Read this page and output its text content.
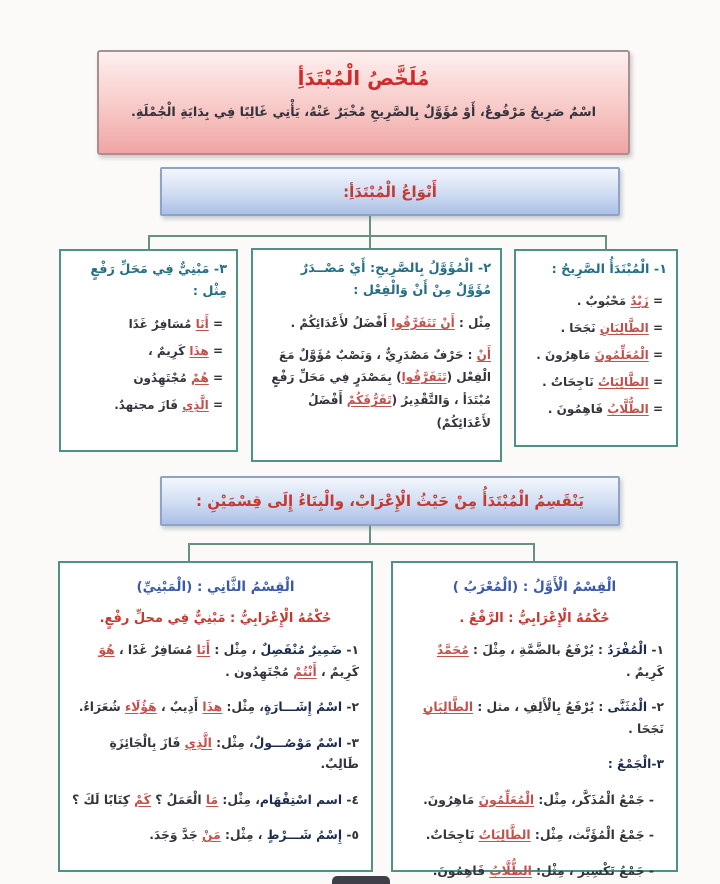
مُلَخَّصُ الْمُبْتَدَأِ
اسْمٌ صَرِيحٌ مَرْفُوعٌ، أَوْ مُؤَوَّلٌ بِالصَّرِيحِ مُخْبَرٌ عَنْهُ، يَأْتِي غَالِبًا فِي بِدَايَةِ الْجُمْلَةِ.
أَنْوَاعُ الْمُبْتَدَأِ:
١- الْمُبْتَدَأُ الصَّرِيحُ :
= زَيْدٌ مَحْبُوبٌ .
= الطَّالِبَانِ نَجَحَا .
= الْمُعَلِّمُونَ مَاهِرُونَ .
= الطَّالِبَاتُ نَاجِحَاتٌ .
= الطُّلَّابُ فَاهِمُونَ .
٢- الْمُؤَوَّلُ بِالصَّرِيحِ: أَيْ مَصْــدَرٌ مُؤَوَّلٌ مِنْ أَنْ وَالْفِعْل :
مِثْل : أَنْ تَتَفَرَّقُوا أَفْضَلُ لأَعْدَائِكُمْ .
أَنْ : حَرْفٌ مَصْدَرِيٌّ ، وَنَصْبٌ مُؤَوَّلٌ مَعَ الْفِعْل (تَتَفَرَّقُوا) بِمَصْدَرٍ فِي مَحَلِّ رَفْعٍ مُبْتَدَأ ، وَالتَّقْدِيرُ (تَفَرُّقَكُمْ أَفْضَلُ لأَعْدَائِكُمْ)
٣- مَبْنِيٌّ فِي مَحَلِّ رَفْعٍ مِثْل :
= أَنَا مُسَافِرٌ غَدًا
= هذَا كَرِيمٌ ،
= هُمْ مُجْتَهِدُون
= الَّذِي فَازَ مجتهدٌ.
يَنْقَسِمُ الْمُبْتَدَأُ مِنْ حَيْثُ الْإِعْرَابْ، والْبِنَاءُ إِلَى قِسْمَيْنِ :
الْقِسْمُ الْأَوَّلُ : (الْمُعْرَبُ )
حُكْمُهُ الْإِعْرَابِيُّ : الرَّفْعُ .
١- الْمُفْرَدُ : يُرْفَعُ بالضَّمَّةِ ، مِثْلَ : مُحَمَّدٌ كَرِيمٌ .
٢- الْمُثَنَّى : يُرْفَعُ بِالْأَلِفِ ، مثل : الطَّالِبَانِ نَجَحَا .
٣-الْجَمْعُ :
- جَمْعُ الْمُذَكَّر، مِثْل: الْمُعَلِّمُونَ مَاهِرُونَ.
- جَمْعُ الْمُؤَنَّث، مِثْل: الطَّالِبَاتُ نَاجِحَاتٌ.
- جَمْعُ تَكْسِير ، مِثْل: الطُّلَّابُ فَاهِمُونَ.
الْقِسْمُ الثَّانِي : (الْمَبْنِيِّ)
حُكْمُهُ الْإِعْرَابِيُّ : مَبْنِيٌّ فِي محلِّ رفْعٍ.
١- ضَمِيرٌ مُنْفَصِلٌ ، مِثْل : أَنَا مُسَافِرٌ غَدًا ، هُوَ كَرِيمٌ ، أَنْتُمْ مُجْتَهِدُون .
٢- اسْمُ إِشَـــارَةٍ، مِثْل: هذَا أَدِيبٌ ، هَؤُلَاء شُعَرَاءُ.
٣- اسْمٌ مَوْصُـــولٌ، مِثْل: الَّذِي فَازَ بِالْجَائِزَةِ طَالِبٌ.
٤- اسم اسْتِفْهَام، مِثْل: مَا الْعَمَلُ ؟ كَمْ كِتَابًا لَكَ ؟
٥- إِسْمُ شَـــرْطٍ ، مِثْل: مَنْ جَدَّ وَجَدَ.
